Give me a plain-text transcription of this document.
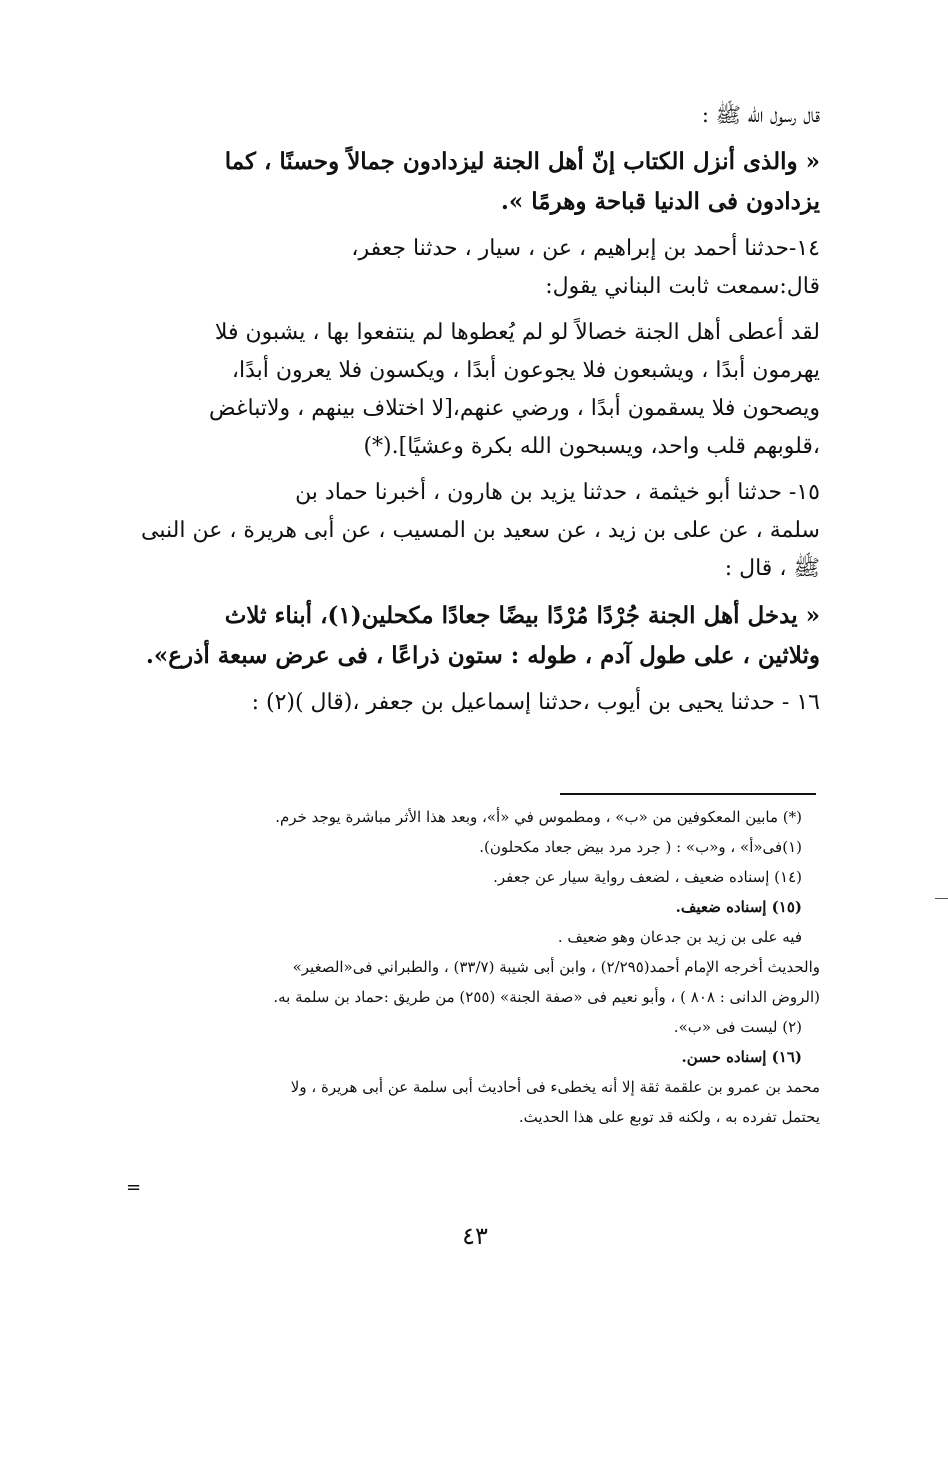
قال رسول الله ﷺ :
« والذى أنزل الكتاب إنّ أهل الجنة ليزدادون جمالاً وحسنًا ، كما
يزدادون فى الدنيا قباحة وهرمًا ».
١٤-حدثنا أحمد بن إبراهيم ، عن ، سيار ، حدثنا جعفر،
قال:سمعت ثابت البناني يقول:
لقد أعطى أهل الجنة خصالاً لو لم يُعطوها لم ينتفعوا بها ، يشبون فلا
يهرمون أبدًا ، ويشبعون فلا يجوعون أبدًا ، ويكسون فلا يعرون أبدًا،
ويصحون فلا يسقمون أبدًا ، ورضي عنهم،[لا اختلاف بينهم ، ولاتباغض
،قلوبهم قلب واحد، ويسبحون الله بكرة وعشيًا].(*)
١٥- حدثنا أبو خيثمة ، حدثنا يزيد بن هارون ، أخبرنا حماد بن
سلمة ، عن على بن زيد ، عن سعيد بن المسيب ، عن أبى هريرة ، عن النبى
ﷺ ، قال :
« يدخل أهل الجنة جُرْدًا مُرْدًا بيضًا جعادًا مكحلين(١)، أبناء ثلاث
وثلاثين ، على طول آدم ، طوله : ستون ذراعًا ، فى عرض سبعة أذرع».
١٦ - حدثنا يحيى بن أيوب ،حدثنا إسماعيل بن جعفر ،(قال )(٢) :
(*) مابين المعكوفين من «ب» ، ومطموس في «أ»، وبعد هذا الأثر مباشرة يوجد خرم.
(١)فى«أ» ، و«ب» : ( جرد مرد بيض جعاد مكحلون).
(١٤) إسناده ضعيف ، لضعف رواية سيار عن جعفر.
(١٥) إسناده ضعيف.
فيه على بن زيد بن جدعان وهو ضعيف .
والحديث أخرجه الإمام أحمد(٢/٢٩٥) ، وابن أبى شيبة (٣٣/٧) ، والطبراني فى«الصغير»
(الروض الدانى : ٨٠٨ ) ، وأبو نعيم فى «صفة الجنة» (٢٥٥) من طريق :حماد بن سلمة به.
(٢) ليست فى «ب».
(١٦) إسناده حسن.
محمد بن عمرو بن علقمة ثقة إلا أنه يخطىء فى أحاديث أبى سلمة عن أبى هريرة ، ولا
يحتمل تفرده به ، ولكنه قد توبع على هذا الحديث.
=
٤٣
